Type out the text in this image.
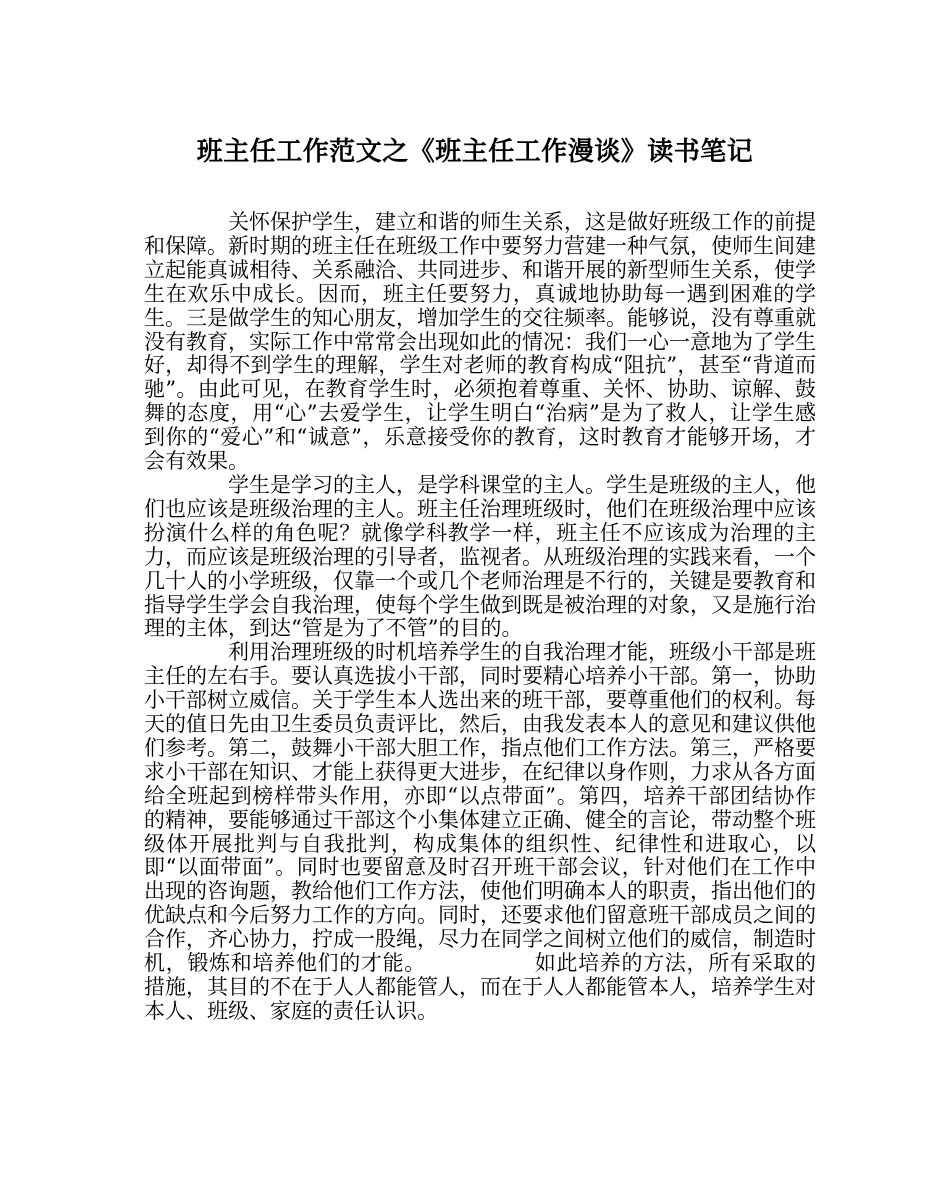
班主任工作范文之《班主任工作漫谈》读书笔记

关怀保护学生，建立和谐的师生关系，这是做好班级工作的前提和保障。新时期的班主任在班级工作中要努力营建一种气氛，使师生间建立起能真诚相待、关系融洽、共同进步、和谐开展的新型师生关系，使学生在欢乐中成长。因而，班主任要努力，真诚地协助每一遇到困难的学生。三是做学生的知心朋友，增加学生的交往频率。能够说，没有尊重就没有教育，实际工作中常常会出现如此的情况：我们一心一意地为了学生好，却得不到学生的理解，学生对老师的教育构成“阻抗”，甚至“背道而驰”。由此可见，在教育学生时，必须抱着尊重、关怀、协助、谅解、鼓舞的态度，用“心”去爱学生，让学生明白“治病”是为了救人，让学生感到你的“爱心”和“诚意”，乐意接受你的教育，这时教育才能够开场，才会有效果。

学生是学习的主人，是学科课堂的主人。学生是班级的主人，他们也应该是班级治理的主人。班主任治理班级时，他们在班级治理中应该扮演什么样的角色呢？就像学科教学一样，班主任不应该成为治理的主力，而应该是班级治理的引导者，监视者。从班级治理的实践来看，一个几十人的小学班级，仅靠一个或几个老师治理是不行的，关键是要教育和指导学生学会自我治理，使每个学生做到既是被治理的对象，又是施行治理的主体，到达“管是为了不管”的目的。

利用治理班级的时机培养学生的自我治理才能，班级小干部是班主任的左右手。要认真选拔小干部，同时要精心培养小干部。第一，协助小干部树立威信。关于学生本人选出来的班干部，要尊重他们的权利。每天的值日先由卫生委员负责评比，然后，由我发表本人的意见和建议供他们参考。第二，鼓舞小干部大胆工作，指点他们工作方法。第三，严格要求小干部在知识、才能上获得更大进步，在纪律以身作则，力求从各方面给全班起到榜样带头作用，亦即“以点带面”。第四，培养干部团结协作的精神，要能够通过干部这个小集体建立正确、健全的言论，带动整个班级体开展批判与自我批判，构成集体的组织性、纪律性和进取心，以即“以面带面”。同时也要留意及时召开班干部会议，针对他们在工作中出现的咨询题，教给他们工作方法，使他们明确本人的职责，指出他们的优缺点和今后努力工作的方向。同时，还要求他们留意班干部成员之间的合作，齐心协力，拧成一股绳，尽力在同学之间树立他们的威信，制造时机，锻炼和培养他们的才能。	如此培养的方法，所有采取的措施，其目的不在于人人都能管人，而在于人人都能管本人，培养学生对本人、班级、家庭的责任认识。
